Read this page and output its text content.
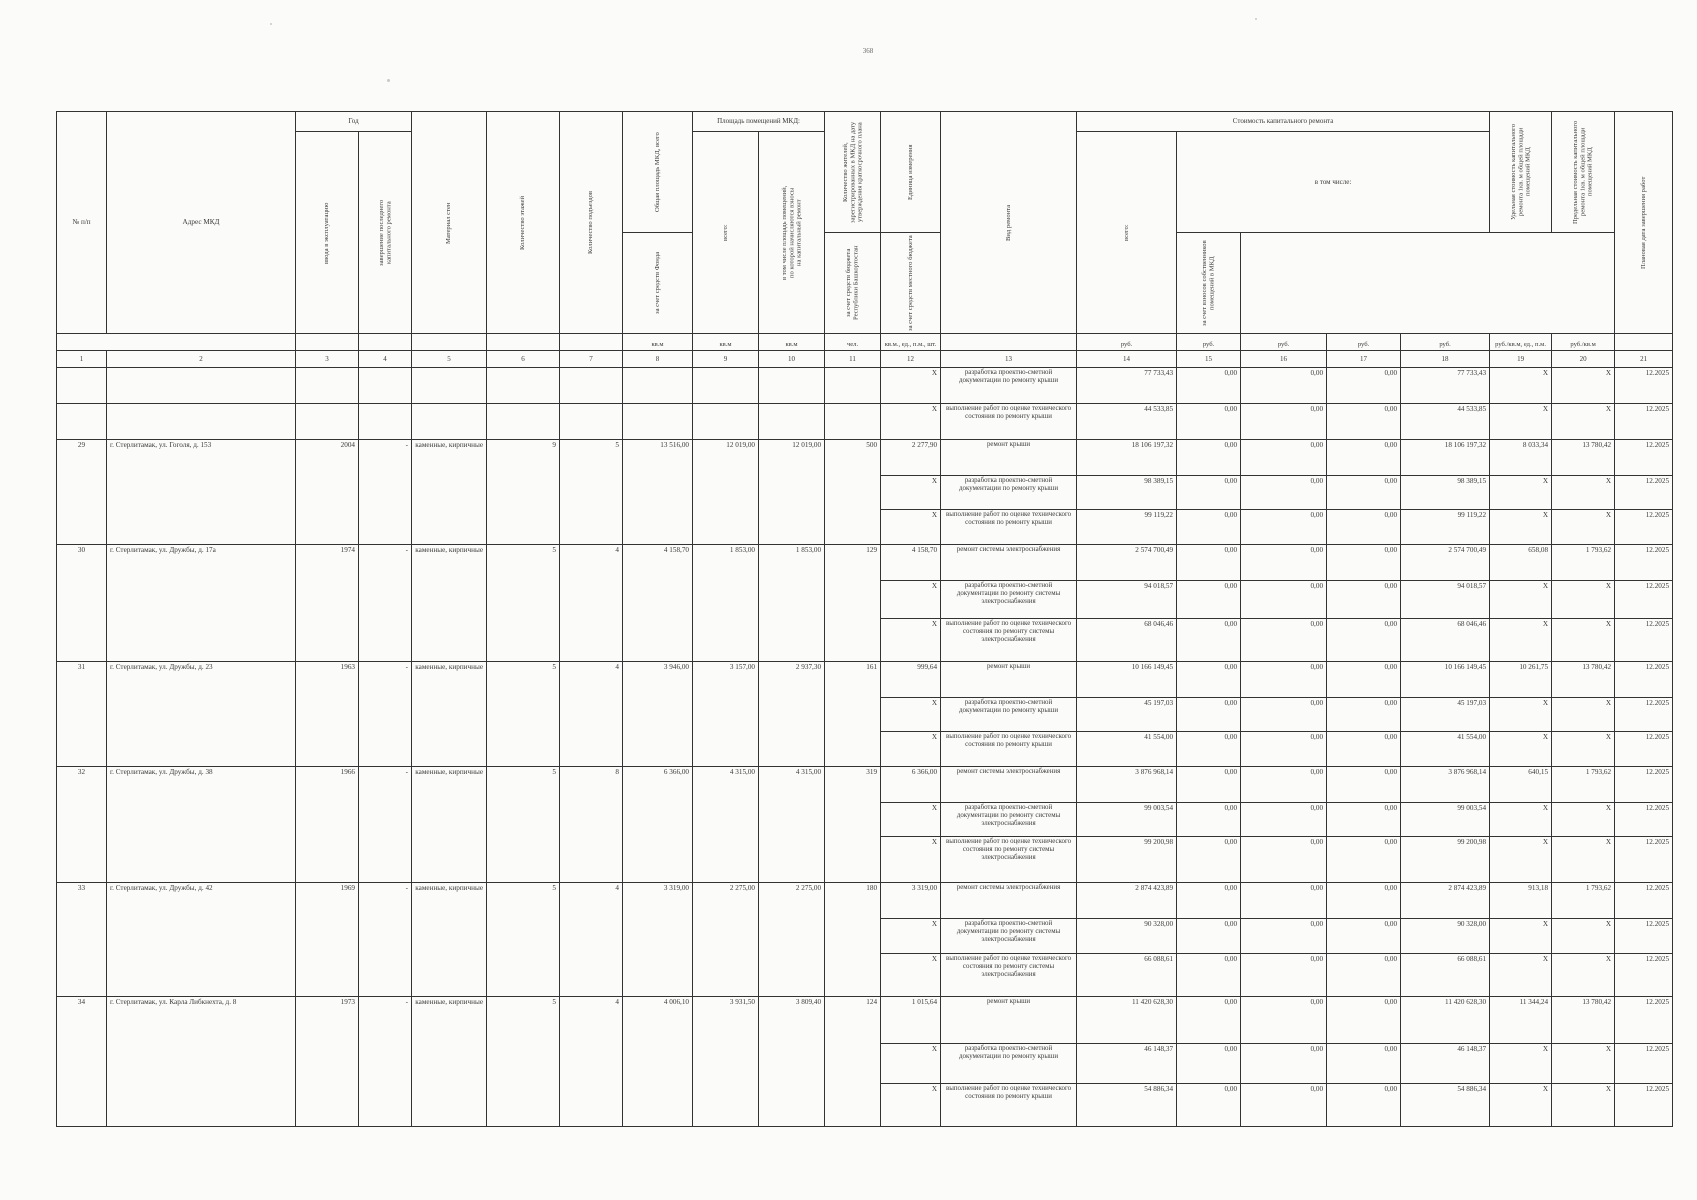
368
№ п/п	Адрес МКД	Год		Материал стен	Количество этажей	Количество подъездов	Общая площадь МКД, всего	Площадь помещений МКД:		Количество жителей, зарегистрированных в МКД на дату утверждения краткосрочного плана	Единица измерения	Вид ремонта	Стоимость капитального ремонта					Удельная стоимость капитального ремонта 1кв. м общей площади помещений МКД	Предельная стоимость капитального ремонта 1кв. м общей площади помещений МКД	Плановая дата завершения работ

ввода в эксплуатацию	завершение последнего капитального ремонта					всего:	в том числе площадь помещений, по которой начисляются взносы на капитальный ремонт				всего:	в том числе:						

за счет средств Фонда			за счет средств бюджета Республики Башкортостан	за счет средств местного бюджета			за счет взносов собственников помещений в МКД						

							кв.м	кв.м	кв.м	чел.	кв.м., ед., п.м., шт.		руб.	руб.	руб.	руб.	руб.	руб./кв.м, ед., п.м.	руб./кв.м	
1	2	3	4	5	6	7	8	9	10	11	12	13	14	15	16	17	18	19	20	21
											X	разработка проектно-сметной документации по ремонту крыши	77 733,43	0,00	0,00	0,00	77 733,43	X	X	12.2025
											X	выполнение работ по оценке технического состояния по ремонту крыши	44 533,85	0,00	0,00	0,00	44 533,85	X	X	12.2025
29	г. Стерлитамак, ул. Гоголя, д. 153	2004	-	каменные, кирпичные	9	5	13 516,00	12 019,00	12 019,00	500	2 277,90	ремонт крыши	18 106 197,32	0,00	0,00	0,00	18 106 197,32	8 033,34	13 780,42	12.2025
											X	разработка проектно-сметной документации по ремонту крыши	98 389,15	0,00	0,00	0,00	98 389,15	X	X	12.2025
											X	выполнение работ по оценке технического состояния по ремонту крыши	99 119,22	0,00	0,00	0,00	99 119,22	X	X	12.2025
30	г. Стерлитамак, ул. Дружбы, д. 17а	1974	-	каменные, кирпичные	5	4	4 158,70	1 853,00	1 853,00	129	4 158,70	ремонт системы электроснабжения	2 574 700,49	0,00	0,00	0,00	2 574 700,49	658,08	1 793,62	12.2025
											X	разработка проектно-сметной документации по ремонту системы электроснабжения	94 018,57	0,00	0,00	0,00	94 018,57	X	X	12.2025
											X	выполнение работ по оценке технического состояния по ремонту системы электроснабжения	68 046,46	0,00	0,00	0,00	68 046,46	X	X	12.2025
31	г. Стерлитамак, ул. Дружбы, д. 23	1963	-	каменные, кирпичные	5	4	3 946,00	3 157,00	2 937,30	161	999,64	ремонт крыши	10 166 149,45	0,00	0,00	0,00	10 166 149,45	10 261,75	13 780,42	12.2025
											X	разработка проектно-сметной документации по ремонту крыши	45 197,03	0,00	0,00	0,00	45 197,03	X	X	12.2025
											X	выполнение работ по оценке технического состояния по ремонту крыши	41 554,00	0,00	0,00	0,00	41 554,00	X	X	12.2025
32	г. Стерлитамак, ул. Дружбы, д. 38	1966	-	каменные, кирпичные	5	8	6 366,00	4 315,00	4 315,00	319	6 366,00	ремонт системы электроснабжения	3 876 968,14	0,00	0,00	0,00	3 876 968,14	640,15	1 793,62	12.2025
											X	разработка проектно-сметной документации по ремонту системы электроснабжения	99 003,54	0,00	0,00	0,00	99 003,54	X	X	12.2025
											X	выполнение работ по оценке технического состояния по ремонту системы электроснабжения	99 200,98	0,00	0,00	0,00	99 200,98	X	X	12.2025
33	г. Стерлитамак, ул. Дружбы, д. 42	1969	-	каменные, кирпичные	5	4	3 319,00	2 275,00	2 275,00	180	3 319,00	ремонт системы электроснабжения	2 874 423,89	0,00	0,00	0,00	2 874 423,89	913,18	1 793,62	12.2025
											X	разработка проектно-сметной документации по ремонту системы электроснабжения	90 328,00	0,00	0,00	0,00	90 328,00	X	X	12.2025
											X	выполнение работ по оценке технического состояния по ремонту системы электроснабжения	66 088,61	0,00	0,00	0,00	66 088,61	X	X	12.2025
34	г. Стерлитамак, ул. Карла Либкнехта, д. 8	1973	-	каменные, кирпичные	5	4	4 006,10	3 931,50	3 809,40	124	1 015,64	ремонт крыши	11 420 628,30	0,00	0,00	0,00	11 420 628,30	11 344,24	13 780,42	12.2025
											X	разработка проектно-сметной документации по ремонту крыши	46 148,37	0,00	0,00	0,00	46 148,37	X	X	12.2025
											X	выполнение работ по оценке технического состояния по ремонту крыши	54 886,34	0,00	0,00	0,00	54 886,34	X	X	12.2025
